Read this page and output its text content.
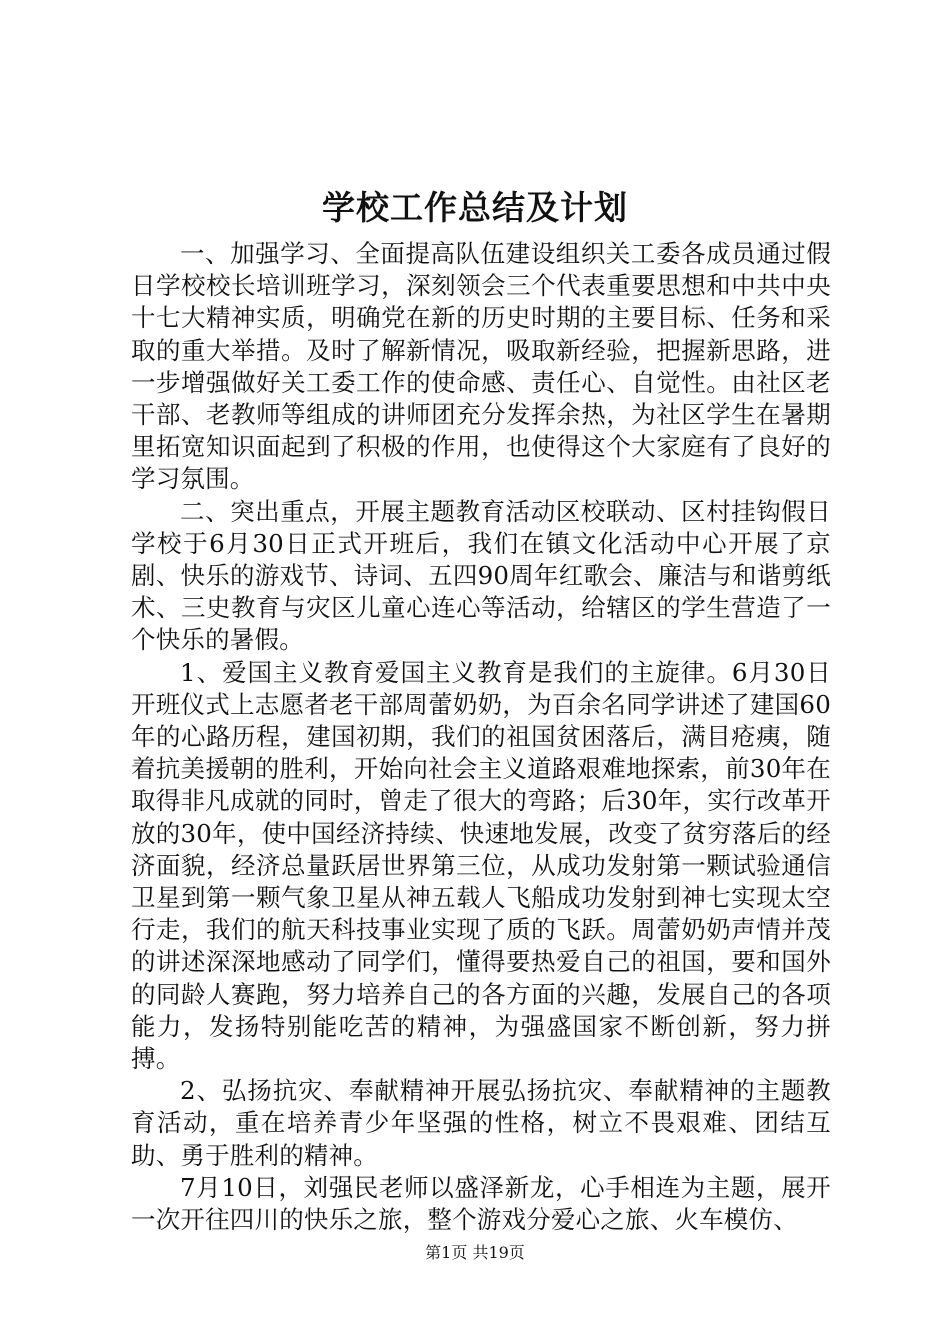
学校工作总结及计划

一、加强学习、全面提高队伍建设组织关工委各成员通过假日学校校长培训班学习，深刻领会三个代表重要思想和中共中央十七大精神实质，明确党在新的历史时期的主要目标、任务和采取的重大举措。及时了解新情况，吸取新经验，把握新思路，进一步增强做好关工委工作的使命感、责任心、自觉性。由社区老干部、老教师等组成的讲师团充分发挥余热，为社区学生在暑期里拓宽知识面起到了积极的作用，也使得这个大家庭有了良好的学习氛围。

二、突出重点，开展主题教育活动区校联动、区村挂钩假日学校于6月30日正式开班后，我们在镇文化活动中心开展了京剧、快乐的游戏节、诗词、五四90周年红歌会、廉洁与和谐剪纸术、三史教育与灾区儿童心连心等活动，给辖区的学生营造了一个快乐的暑假。

1、爱国主义教育爱国主义教育是我们的主旋律。6月30日开班仪式上志愿者老干部周蕾奶奶，为百余名同学讲述了建国60年的心路历程，建国初期，我们的祖国贫困落后，满目疮痍，随着抗美援朝的胜利，开始向社会主义道路艰难地探索，前30年在取得非凡成就的同时，曾走了很大的弯路；后30年，实行改革开放的30年，使中国经济持续、快速地发展，改变了贫穷落后的经济面貌，经济总量跃居世界第三位，从成功发射第一颗试验通信卫星到第一颗气象卫星从神五载人飞船成功发射到神七实现太空行走，我们的航天科技事业实现了质的飞跃。周蕾奶奶声情并茂的讲述深深地感动了同学们，懂得要热爱自己的祖国，要和国外的同龄人赛跑，努力培养自己的各方面的兴趣，发展自己的各项能力，发扬特别能吃苦的精神，为强盛国家不断创新，努力拼搏。

2、弘扬抗灾、奉献精神开展弘扬抗灾、奉献精神的主题教育活动，重在培养青少年坚强的性格，树立不畏艰难、团结互助、勇于胜利的精神。

7月10日，刘强民老师以盛泽新龙，心手相连为主题，展开一次开往四川的快乐之旅，整个游戏分爱心之旅、火车模仿、

第1页 共19页
